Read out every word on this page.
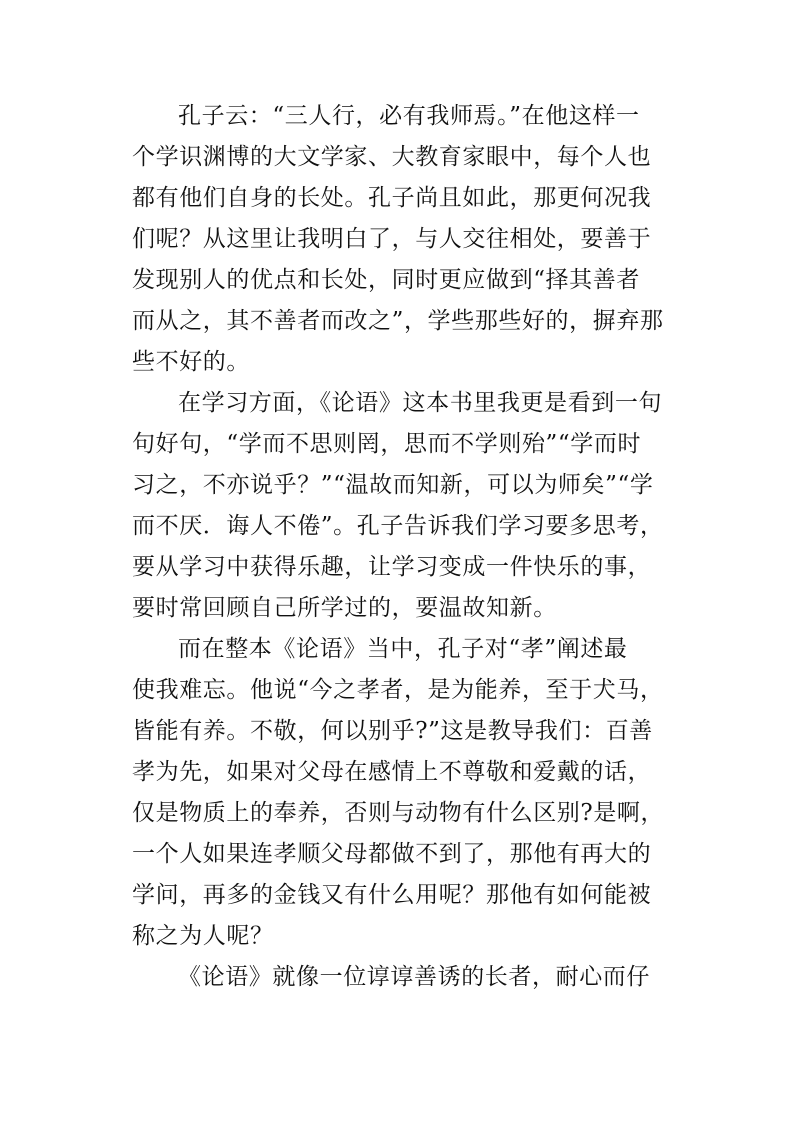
孔子云：“三人行，必有我师焉。”在他这样一
个学识渊博的大文学家、大教育家眼中，每个人也
都有他们自身的长处。孔子尚且如此，那更何况我
们呢？从这里让我明白了，与人交往相处，要善于
发现别人的优点和长处，同时更应做到“择其善者
而从之，其不善者而改之”，学些那些好的，摒弃那
些不好的。
在学习方面，《论语》这本书里我更是看到一句
句好句，“学而不思则罔，思而不学则殆”“学而时
习之，不亦说乎？”“温故而知新，可以为师矣”“学
而不厌．诲人不倦”。孔子告诉我们学习要多思考，
要从学习中获得乐趣，让学习变成一件快乐的事，
要时常回顾自己所学过的，要温故知新。
而在整本《论语》当中，孔子对“孝”阐述最
使我难忘。他说“今之孝者，是为能养，至于犬马，
皆能有养。不敬，何以别乎?”这是教导我们：百善
孝为先，如果对父母在感情上不尊敬和爱戴的话，
仅是物质上的奉养，否则与动物有什么区别?是啊，
一个人如果连孝顺父母都做不到了，那他有再大的
学问，再多的金钱又有什么用呢？那他有如何能被
称之为人呢？
《论语》就像一位谆谆善诱的长者，耐心而仔
